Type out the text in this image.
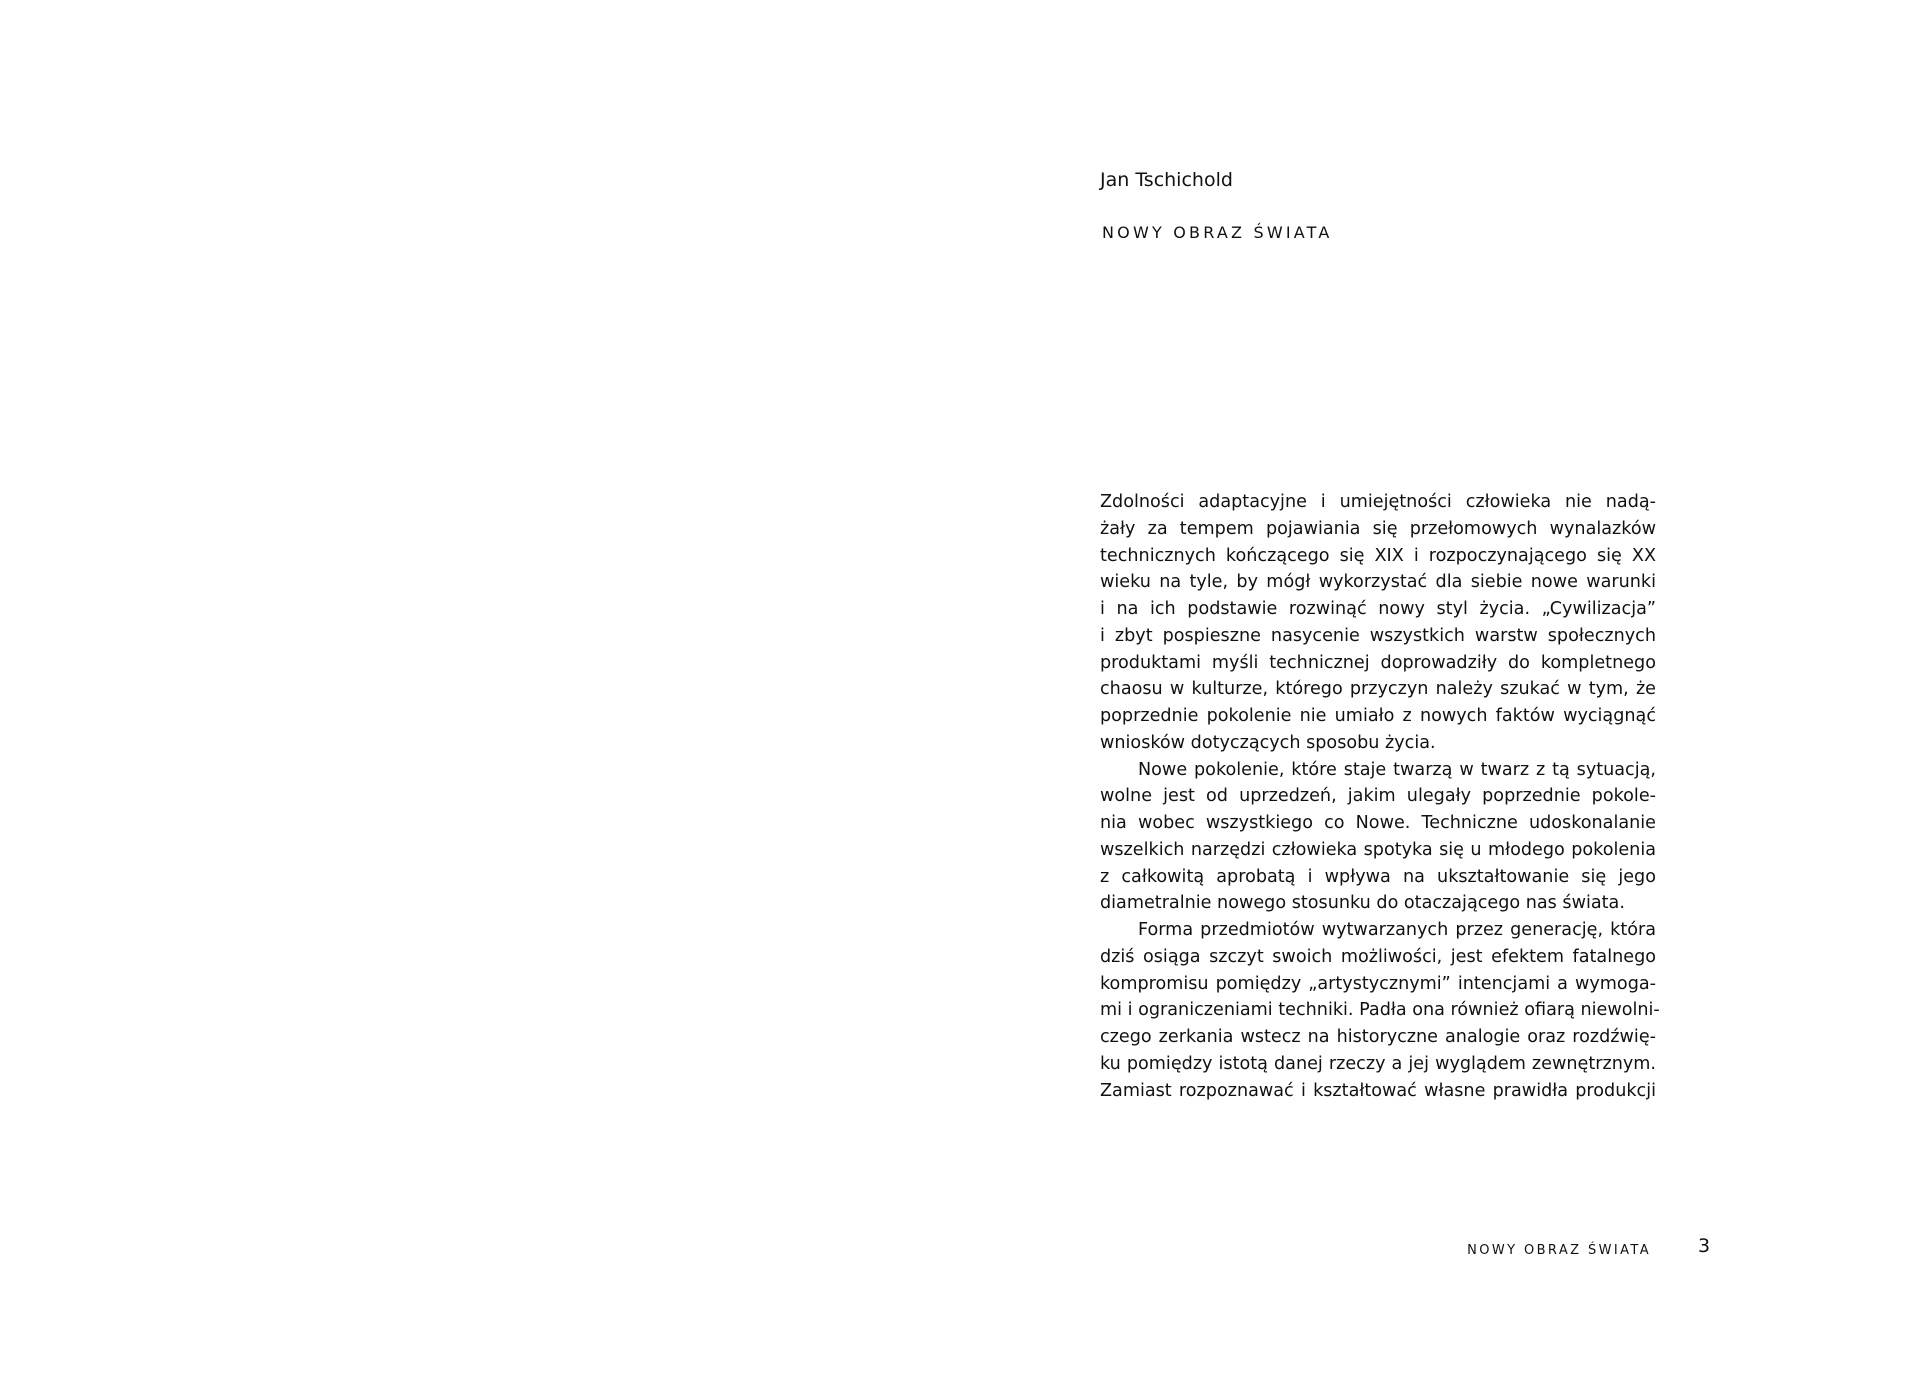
Jan Tschichold
NOWY OBRAZ ŚWIATA
Zdolności adaptacyjne i umiejętności człowieka nie nadą-
żały za tempem pojawiania się przełomowych wynalazków
technicznych kończącego się XIX i rozpoczynającego się XX
wieku na tyle, by mógł wykorzystać dla siebie nowe warunki
i na ich podstawie rozwinąć nowy styl życia. „Cywilizacja”
i zbyt pospieszne nasycenie wszystkich warstw społecznych
produktami myśli technicznej doprowadziły do kompletnego
chaosu w kulturze, którego przyczyn należy szukać w tym, że
poprzednie pokolenie nie umiało z nowych faktów wyciągnąć
wniosków dotyczących sposobu życia.
Nowe pokolenie, które staje twarzą w twarz z tą sytuacją,
wolne jest od uprzedzeń, jakim ulegały poprzednie pokole-
nia wobec wszystkiego co Nowe. Techniczne udoskonalanie
wszelkich narzędzi człowieka spotyka się u młodego pokolenia
z całkowitą aprobatą i wpływa na ukształtowanie się jego
diametralnie nowego stosunku do otaczającego nas świata.
Forma przedmiotów wytwarzanych przez generację, która
dziś osiąga szczyt swoich możliwości, jest efektem fatalnego
kompromisu pomiędzy „artystycznymi” intencjami a wymoga-
mi i ograniczeniami techniki. Padła ona również ofiarą niewolni-
czego zerkania wstecz na historyczne analogie oraz rozdźwię-
ku pomiędzy istotą danej rzeczy a jej wyglądem zewnętrznym.
Zamiast rozpoznawać i kształtować własne prawidła produkcji
NOWY OBRAZ ŚWIATA 3
